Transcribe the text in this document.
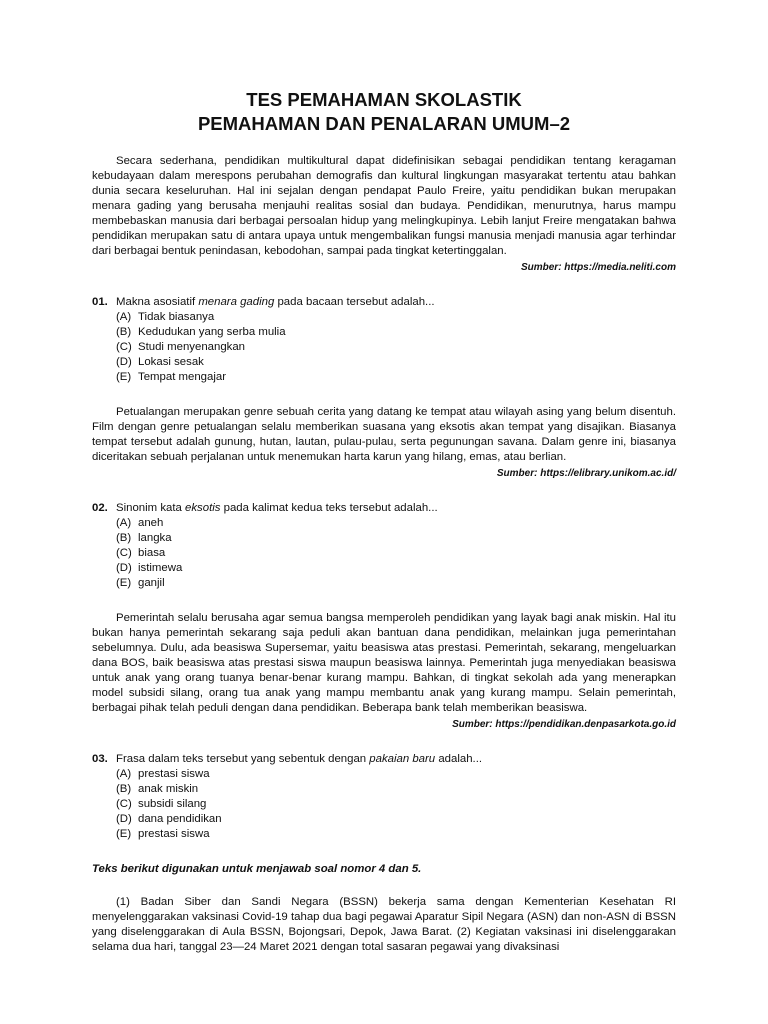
TES PEMAHAMAN SKOLASTIK
PEMAHAMAN DAN PENALARAN UMUM–2

Secara sederhana, pendidikan multikultural dapat didefinisikan sebagai pendidikan tentang keragaman kebudayaan dalam merespons perubahan demografis dan kultural lingkungan masyarakat tertentu atau bahkan dunia secara keseluruhan. Hal ini sejalan dengan pendapat Paulo Freire, yaitu pendidikan bukan merupakan menara gading yang berusaha menjauhi realitas sosial dan budaya. Pendidikan, menurutnya, harus mampu membebaskan manusia dari berbagai persoalan hidup yang melingkupinya. Lebih lanjut Freire mengatakan bahwa pendidikan merupakan satu di antara upaya untuk mengembalikan fungsi manusia menjadi manusia agar terhindar dari berbagai bentuk penindasan, kebodohan, sampai pada tingkat ketertinggalan.

Sumber: https://media.neliti.com

01. Makna asosiatif menara gading pada bacaan tersebut adalah...
(A) Tidak biasanya
(B) Kedudukan yang serba mulia
(C) Studi menyenangkan
(D) Lokasi sesak
(E) Tempat mengajar

Petualangan merupakan genre sebuah cerita yang datang ke tempat atau wilayah asing yang belum disentuh. Film dengan genre petualangan selalu memberikan suasana yang eksotis akan tempat yang disajikan. Biasanya tempat tersebut adalah gunung, hutan, lautan, pulau-pulau, serta pegunungan savana. Dalam genre ini, biasanya diceritakan sebuah perjalanan untuk menemukan harta karun yang hilang, emas, atau berlian.

Sumber: https://elibrary.unikom.ac.id/

02. Sinonim kata eksotis pada kalimat kedua teks tersebut adalah...
(A) aneh
(B) langka
(C) biasa
(D) istimewa
(E) ganjil

Pemerintah selalu berusaha agar semua bangsa memperoleh pendidikan yang layak bagi anak miskin. Hal itu bukan hanya pemerintah sekarang saja peduli akan bantuan dana pendidikan, melainkan juga pemerintahan sebelumnya. Dulu, ada beasiswa Supersemar, yaitu beasiswa atas prestasi. Pemerintah, sekarang, mengeluarkan dana BOS, baik beasiswa atas prestasi siswa maupun beasiswa lainnya. Pemerintah juga menyediakan beasiswa untuk anak yang orang tuanya benar-benar kurang mampu. Bahkan, di tingkat sekolah ada yang menerapkan model subsidi silang, orang tua anak yang mampu membantu anak yang kurang mampu. Selain pemerintah, berbagai pihak telah peduli dengan dana pendidikan. Beberapa bank telah memberikan beasiswa.

Sumber: https://pendidikan.denpasarkota.go.id

03. Frasa dalam teks tersebut yang sebentuk dengan pakaian baru adalah...
(A) prestasi siswa
(B) anak miskin
(C) subsidi silang
(D) dana pendidikan
(E) prestasi siswa

Teks berikut digunakan untuk menjawab soal nomor 4 dan 5.

(1) Badan Siber dan Sandi Negara (BSSN) bekerja sama dengan Kementerian Kesehatan RI menyelenggarakan vaksinasi Covid-19 tahap dua bagi pegawai Aparatur Sipil Negara (ASN) dan non-ASN di BSSN yang diselenggarakan di Aula BSSN, Bojongsari, Depok, Jawa Barat. (2) Kegiatan vaksinasi ini diselenggarakan selama dua hari, tanggal 23—24 Maret 2021 dengan total sasaran pegawai yang divaksinasi
